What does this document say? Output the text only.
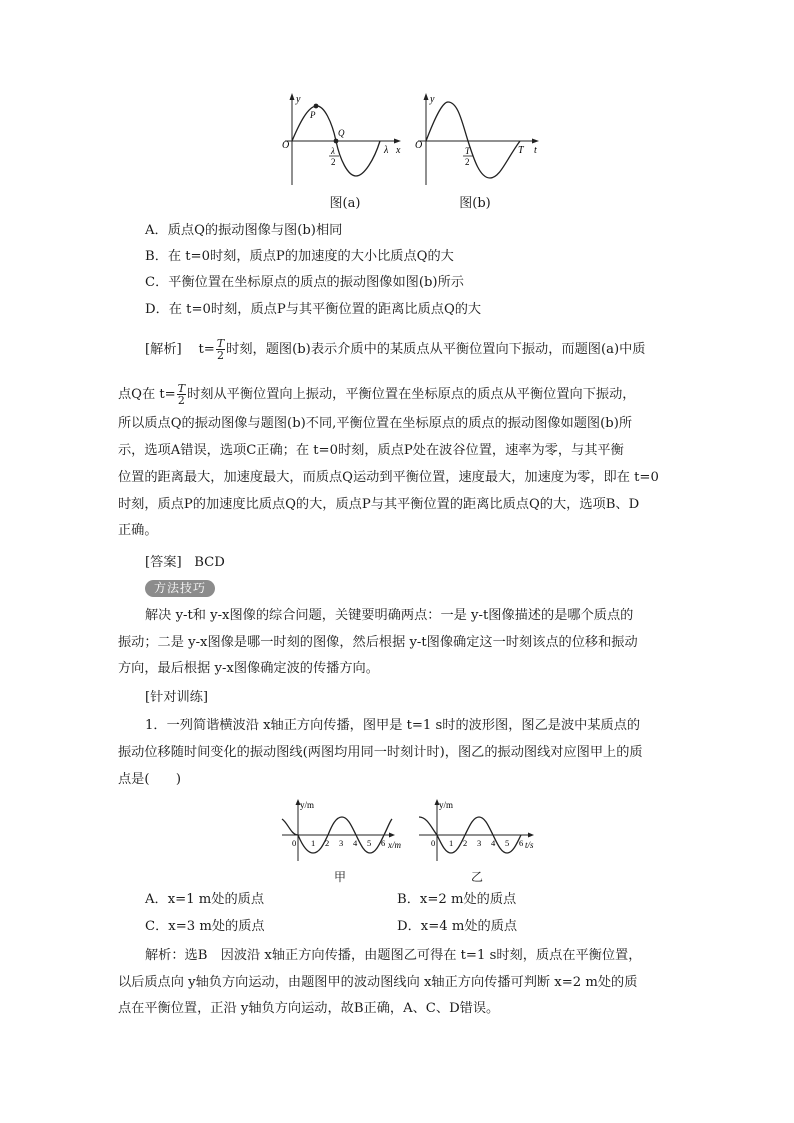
y
x
O
P
Q
λ
2
λ
图(a)
y
t
O	T
2
T
图(b)
A．质点Q的振动图像与图(b)相同
B．在 t=0时刻，质点P的加速度的大小比质点Q的大
C．平衡位置在坐标原点的质点的振动图像如图(b)所示
D．在 t=0时刻，质点P与其平衡位置的距离比质点Q的大
[解析] $t= \frac{T}{2}$ 时刻，题图(b)表示介质中的某质点从平衡位置向下振动，而题图(a)中质
点Q在 $t= \frac{T}{2}$ 时刻从平衡位置向上振动，平衡位置在坐标原点的质点从平衡位置向下振动，
所以质点Q的振动图像与题图(b)不同,平衡位置在坐标原点的质点的振动图像如题图(b)所
示，选项A错误，选项C正确；在 t=0时刻，质点P处在波谷位置，速率为零，与其平衡
位置的距离最大，加速度最大，而质点Q运动到平衡位置，速度最大，加速度为零，即在 t=0
时刻，质点P的加速度比质点Q的大，质点P与其平衡位置的距离比质点Q的大，选项B、D
正确。
[答案] BCD
方法技巧
解决 y-t和 y-x图像的综合问题，关键要明确两点：一是 y-t图像描述的是哪个质点的
振动；二是 y-x图像是哪一时刻的图像，然后根据 y-t图像确定这一时刻该点的位移和振动
方向，最后根据 y-x图像确定波的传播方向。
[针对训练]
1．一列简谐横波沿 x轴正方向传播，图甲是 t=1 s时的波形图，图乙是波中某质点的
振动位移随时间变化的振动图线(两图均用同一时刻计时)，图乙的振动图线对应图甲上的质
点是(　　)
y/m
x/m
0 1 2 3 4 5 6
甲
y/m
t/s
0 1 2 3 4 5 6
乙
A．x=1 m处的质点	B．x=2 m处的质点
C．x=3 m处的质点	D．x=4 m处的质点
解析：选B　因波沿 x轴正方向传播，由题图乙可得在 t=1 s时刻，质点在平衡位置，
以后质点向 y轴负方向运动，由题图甲的波动图线向 x轴正方向传播可判断 x=2 m处的质
点在平衡位置，正沿 y轴负方向运动，故B正确，A、C、D错误。
